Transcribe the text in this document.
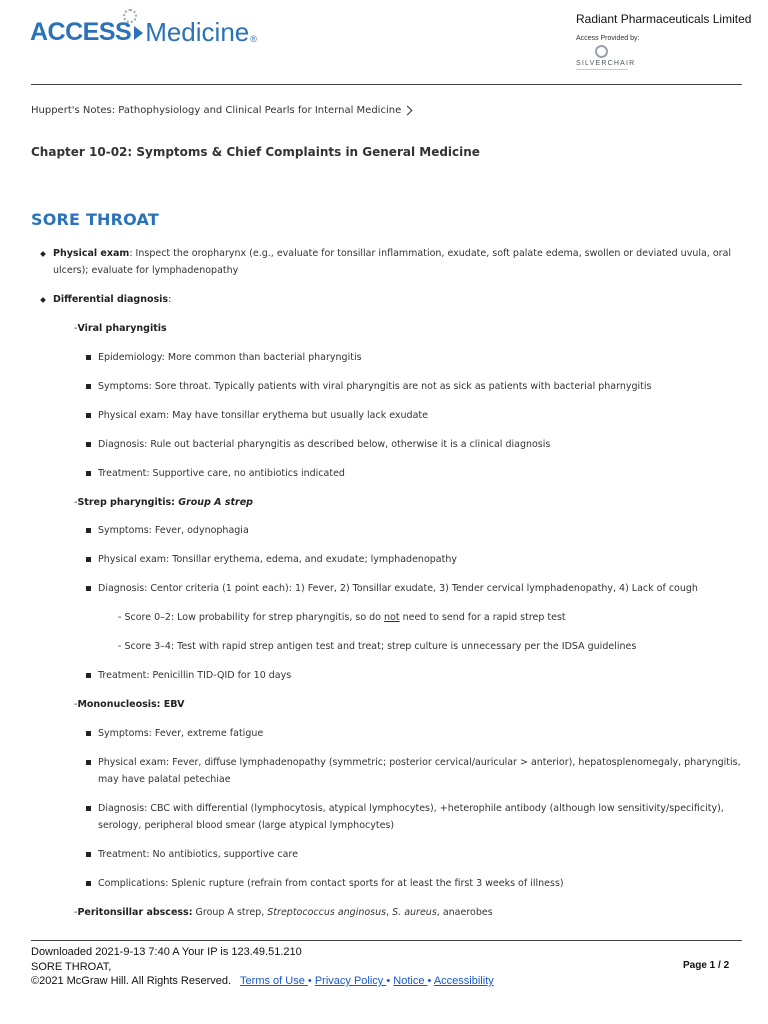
ACCESS Medicine ®
Radiant Pharmaceuticals Limited
Access Provided by:
SILVERCHAIR
Huppert's Notes: Pathophysiology and Clinical Pearls for Internal Medicine
Chapter 10-02: Symptoms & Chief Complaints in General Medicine
SORE THROAT
Physical exam: Inspect the oropharynx (e.g., evaluate for tonsillar inflammation, exudate, soft palate edema, swollen or deviated uvula, oral
ulcers); evaluate for lymphadenopathy
Differential diagnosis:
-Viral pharyngitis
Epidemiology: More common than bacterial pharyngitis
Symptoms: Sore throat. Typically patients with viral pharyngitis are not as sick as patients with bacterial pharnygitis
Physical exam: May have tonsillar erythema but usually lack exudate
Diagnosis: Rule out bacterial pharyngitis as described below, otherwise it is a clinical diagnosis
Treatment: Supportive care, no antibiotics indicated
-Strep pharyngitis: Group A strep
Symptoms: Fever, odynophagia
Physical exam: Tonsillar erythema, edema, and exudate; lymphadenopathy
Diagnosis: Centor criteria (1 point each): 1) Fever, 2) Tonsillar exudate, 3) Tender cervical lymphadenopathy, 4) Lack of cough
- Score 0–2: Low probability for strep pharyngitis, so do not need to send for a rapid strep test
- Score 3–4: Test with rapid strep antigen test and treat; strep culture is unnecessary per the IDSA guidelines
Treatment: Penicillin TID-QID for 10 days
-Mononucleosis: EBV
Symptoms: Fever, extreme fatigue
Physical exam: Fever, diffuse lymphadenopathy (symmetric; posterior cervical/auricular > anterior), hepatosplenomegaly, pharyngitis,
may have palatal petechiae
Diagnosis: CBC with differential (lymphocytosis, atypical lymphocytes), +heterophile antibody (although low sensitivity/specificity),
serology, peripheral blood smear (large atypical lymphocytes)
Treatment: No antibiotics, supportive care
Complications: Splenic rupture (refrain from contact sports for at least the first 3 weeks of illness)
-Peritonsillar abscess: Group A strep, Streptococcus anginosus, S. aureus, anaerobes
Downloaded 2021-9-13 7:40 A Your IP is 123.49.51.210
SORE THROAT,
©2021 McGraw Hill. All Rights Reserved. Terms of Use • Privacy Policy • Notice • Accessibility
Page 1 / 2
